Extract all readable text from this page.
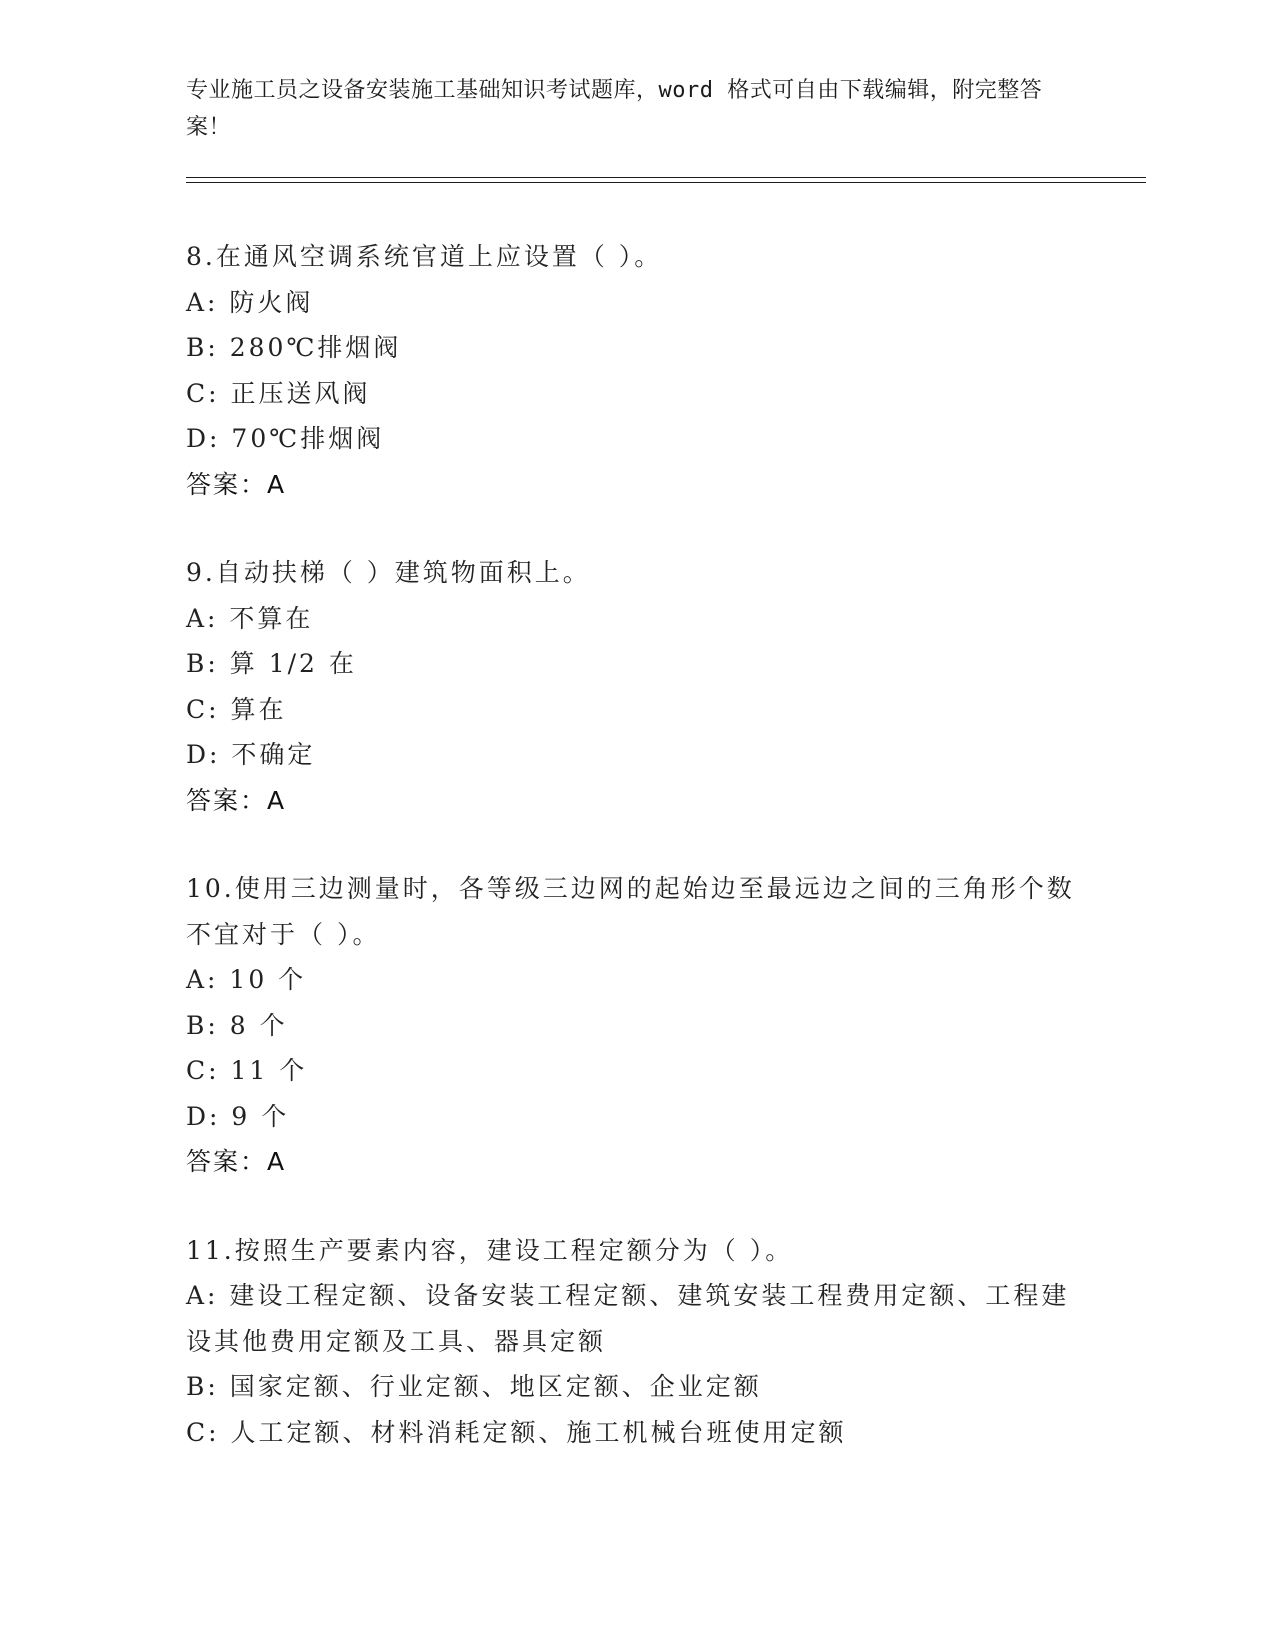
专业施工员之设备安装施工基础知识考试题库，word 格式可自由下载编辑，附完整答案！
8.在通风空调系统官道上应设置（ ）。
A: 防火阀
B: 280℃排烟阀
C: 正压送风阀
D: 70℃排烟阀
答案：A
9.自动扶梯（ ）建筑物面积上。
A: 不算在
B: 算 1/2 在
C: 算在
D: 不确定
答案：A
10.使用三边测量时，各等级三边网的起始边至最远边之间的三角形个数不宜对于（ ）。
A: 10 个
B: 8 个
C: 11 个
D: 9 个
答案：A
11.按照生产要素内容，建设工程定额分为（ ）。
A: 建设工程定额、设备安装工程定额、建筑安装工程费用定额、工程建设其他费用定额及工具、器具定额
B: 国家定额、行业定额、地区定额、企业定额
C: 人工定额、材料消耗定额、施工机械台班使用定额
